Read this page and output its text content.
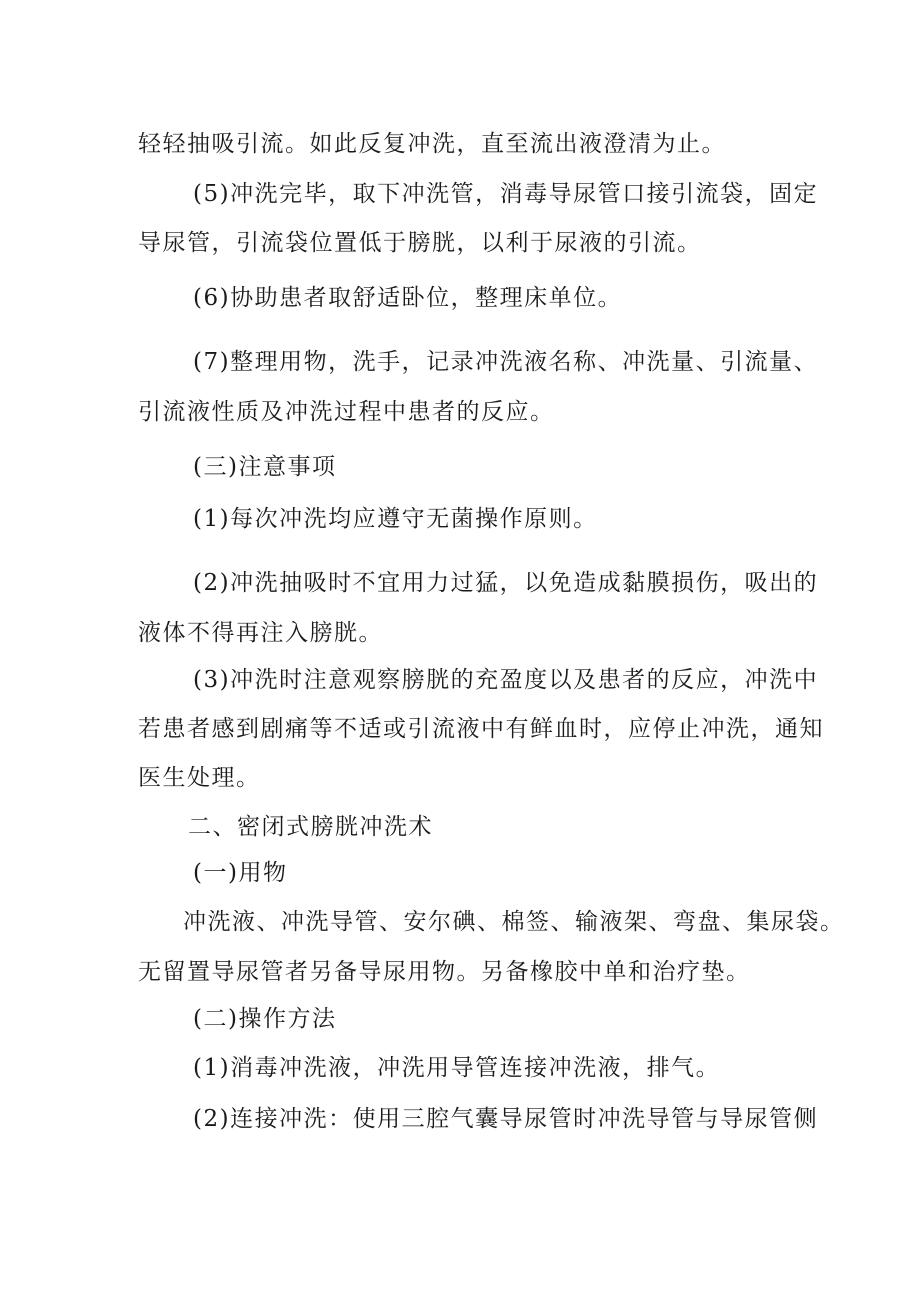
轻轻抽吸引流。如此反复冲洗，直至流出液澄清为止。
(5)冲洗完毕，取下冲洗管，消毒导尿管口接引流袋，固定
导尿管，引流袋位置低于膀胱，以利于尿液的引流。
(6)协助患者取舒适卧位，整理床单位。
(7)整理用物，洗手，记录冲洗液名称、冲洗量、引流量、
引流液性质及冲洗过程中患者的反应。
(三)注意事项
(1)每次冲洗均应遵守无菌操作原则。
(2)冲洗抽吸时不宜用力过猛，以免造成黏膜损伤，吸出的
液体不得再注入膀胱。
(3)冲洗时注意观察膀胱的充盈度以及患者的反应，冲洗中
若患者感到剧痛等不适或引流液中有鲜血时，应停止冲洗，通知
医生处理。
二、密闭式膀胱冲洗术
(一)用物
冲洗液、冲洗导管、安尔碘、棉签、输液架、弯盘、集尿袋。
无留置导尿管者另备导尿用物。另备橡胶中单和治疗垫。
(二)操作方法
(1)消毒冲洗液，冲洗用导管连接冲洗液，排气。
(2)连接冲洗：使用三腔气囊导尿管时冲洗导管与导尿管侧
